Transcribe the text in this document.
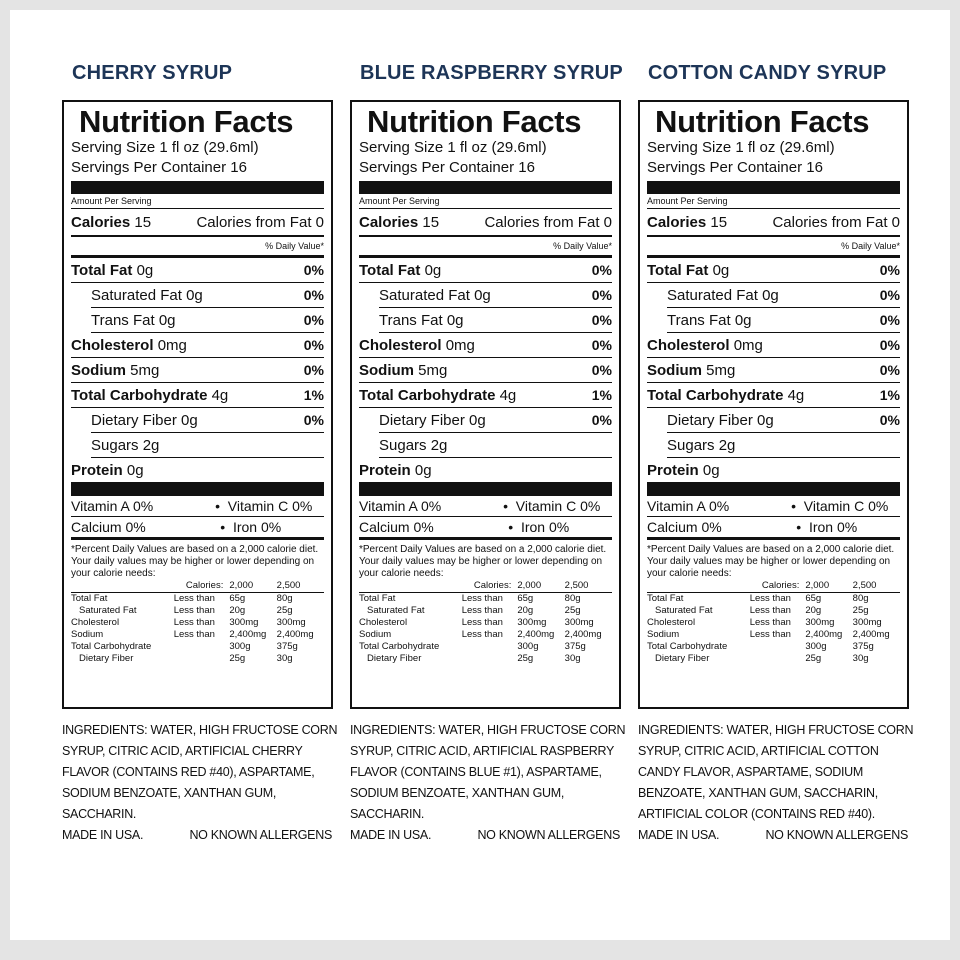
CHERRY SYRUP
Nutrition Facts
Serving Size 1 fl oz (29.6ml)
Servings Per Container 16
Amount Per Serving
Calories 15	Calories from Fat 0
% Daily Value*
Total Fat 0g	0%
Saturated Fat 0g	0%
Trans Fat 0g	0%
Cholesterol 0mg	0%
Sodium 5mg	0%
Total Carbohydrate 4g	1%
Dietary Fiber 0g	0%
Sugars 2g
Protein 0g
Vitamin A 0%	• Vitamin C 0%
Calcium 0%	• Iron 0%
*Percent Daily Values are based on a 2,000 calorie diet. Your daily values may be higher or lower depending on your calorie needs:
	Calories:	2,000	2,500
Total Fat	Less than	65g	80g
Saturated Fat	Less than	20g	25g
Cholesterol	Less than	300mg	300mg
Sodium	Less than	2,400mg	2,400mg
Total Carbohydrate		300g	375g
Dietary Fiber		25g	30g
INGREDIENTS: WATER, HIGH FRUCTOSE CORN SYRUP, CITRIC ACID, ARTIFICIAL CHERRY FLAVOR (CONTAINS RED #40), ASPARTAME, SODIUM BENZOATE, XANTHAN GUM, SACCHARIN.
MADE IN USA.	NO KNOWN ALLERGENS
BLUE RASPBERRY SYRUP
Nutrition Facts
Serving Size 1 fl oz (29.6ml)
Servings Per Container 16
Amount Per Serving
Calories 15	Calories from Fat 0
% Daily Value*
Total Fat 0g	0%
Saturated Fat 0g	0%
Trans Fat 0g	0%
Cholesterol 0mg	0%
Sodium 5mg	0%
Total Carbohydrate 4g	1%
Dietary Fiber 0g	0%
Sugars 2g
Protein 0g
Vitamin A 0%	• Vitamin C 0%
Calcium 0%	• Iron 0%
*Percent Daily Values are based on a 2,000 calorie diet. Your daily values may be higher or lower depending on your calorie needs:
	Calories:	2,000	2,500
Total Fat	Less than	65g	80g
Saturated Fat	Less than	20g	25g
Cholesterol	Less than	300mg	300mg
Sodium	Less than	2,400mg	2,400mg
Total Carbohydrate		300g	375g
Dietary Fiber		25g	30g
INGREDIENTS: WATER, HIGH FRUCTOSE CORN SYRUP, CITRIC ACID, ARTIFICIAL RASPBERRY FLAVOR (CONTAINS BLUE #1), ASPARTAME, SODIUM BENZOATE, XANTHAN GUM, SACCHARIN.
MADE IN USA.	NO KNOWN ALLERGENS
COTTON CANDY SYRUP
Nutrition Facts
Serving Size 1 fl oz (29.6ml)
Servings Per Container 16
Amount Per Serving
Calories 15	Calories from Fat 0
% Daily Value*
Total Fat 0g	0%
Saturated Fat 0g	0%
Trans Fat 0g	0%
Cholesterol 0mg	0%
Sodium 5mg	0%
Total Carbohydrate 4g	1%
Dietary Fiber 0g	0%
Sugars 2g
Protein 0g
Vitamin A 0%	• Vitamin C 0%
Calcium 0%	• Iron 0%
*Percent Daily Values are based on a 2,000 calorie diet. Your daily values may be higher or lower depending on your calorie needs:
	Calories:	2,000	2,500
Total Fat	Less than	65g	80g
Saturated Fat	Less than	20g	25g
Cholesterol	Less than	300mg	300mg
Sodium	Less than	2,400mg	2,400mg
Total Carbohydrate		300g	375g
Dietary Fiber		25g	30g
INGREDIENTS: WATER, HIGH FRUCTOSE CORN SYRUP, CITRIC ACID, ARTIFICIAL COTTON CANDY FLAVOR, ASPARTAME, SODIUM BENZOATE, XANTHAN GUM, SACCHARIN, ARTIFICIAL COLOR (CONTAINS RED #40).
MADE IN USA.	NO KNOWN ALLERGENS
